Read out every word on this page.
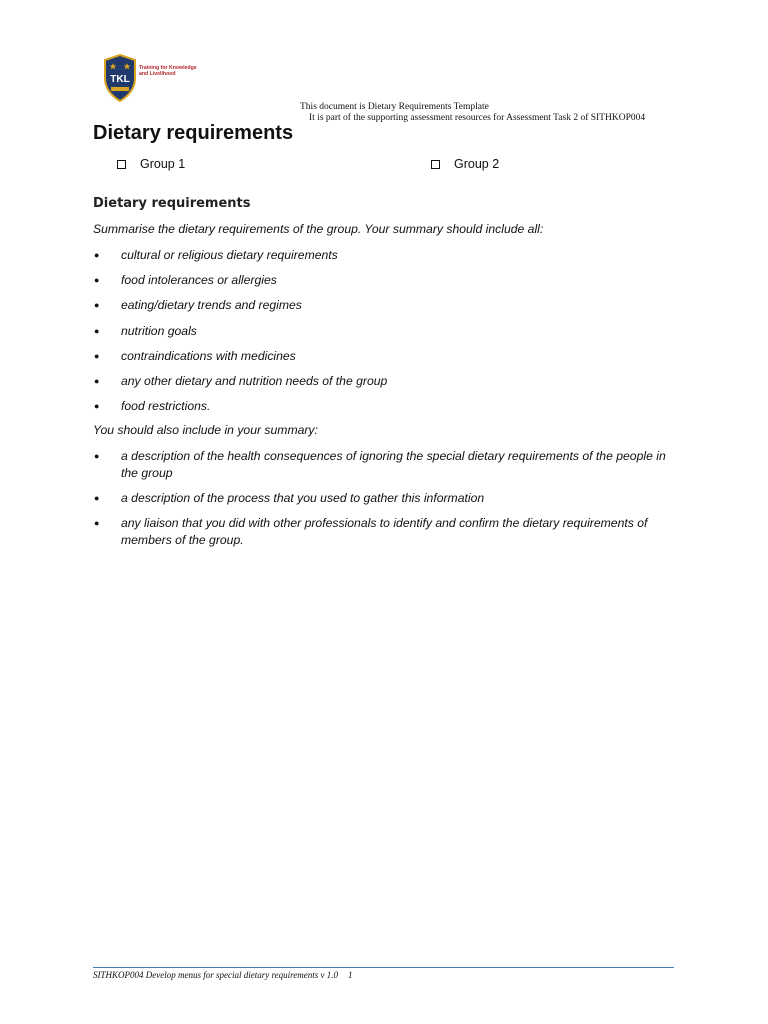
TKL
Training for Knowledge and Livelihood
This document is Dietary Requirements Template
It is part of the supporting assessment resources for Assessment Task 2 of SITHKOP004
Dietary requirements
Group 1	Group 2
Dietary requirements
Summarise the dietary requirements of the group. Your summary should include all:
● cultural or religious dietary requirements
● food intolerances or allergies
● eating/dietary trends and regimes
● nutrition goals
● contraindications with medicines
● any other dietary and nutrition needs of the group
● food restrictions.
You should also include in your summary:
● a description of the health consequences of ignoring the special dietary requirements of the people in the group
● a description of the process that you used to gather this information
● any liaison that you did with other professionals to identify and confirm the dietary requirements of members of the group.
SITHKOP004 Develop menus for special dietary requirements v 1.0 1
